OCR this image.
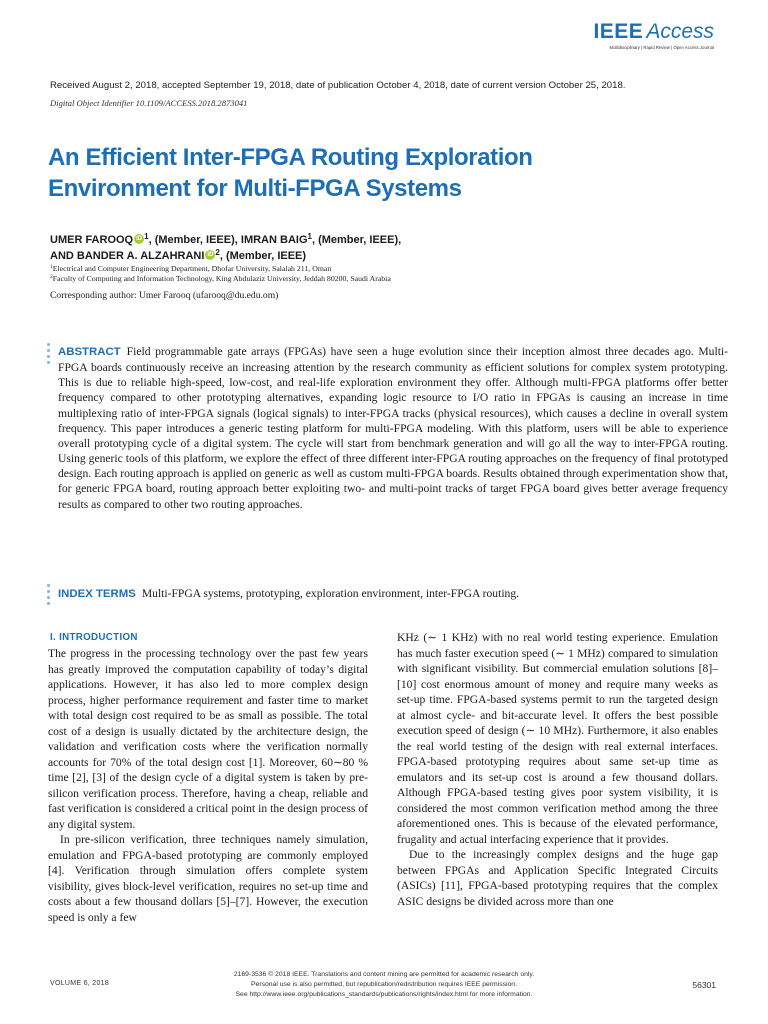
IEEE Access
Multidisciplinary | Rapid Review | Open Access Journal
Received August 2, 2018, accepted September 19, 2018, date of publication October 4, 2018, date of current version October 25, 2018.
Digital Object Identifier 10.1109/ACCESS.2018.2873041
An Efficient Inter-FPGA Routing Exploration
Environment for Multi-FPGA Systems
UMER FAROOQ iD $^1$, (Member, IEEE), IMRAN BAIG$^1$, (Member, IEEE),
AND BANDER A. ALZAHRANI iD $^2$, (Member, IEEE)
$^1$Electrical and Computer Engineering Department, Dhofar University, Salalah 211, Oman
$^2$Faculty of Computing and Information Technology, King Abdulaziz University, Jeddah 80200, Saudi Arabia
Corresponding author: Umer Farooq (ufarooq@du.edu.om)
ABSTRACT Field programmable gate arrays (FPGAs) have seen a huge evolution since their inception almost three decades ago. Multi-FPGA boards continuously receive an increasing attention by the research community as efficient solutions for complex system prototyping. This is due to reliable high-speed, low-cost, and real-life exploration environment they offer. Although multi-FPGA platforms offer better frequency compared to other prototyping alternatives, expanding logic resource to I/O ratio in FPGAs is causing an increase in time multiplexing ratio of inter-FPGA signals (logical signals) to inter-FPGA tracks (physical resources), which causes a decline in overall system frequency. This paper introduces a generic testing platform for multi-FPGA modeling. With this platform, users will be able to experience overall prototyping cycle of a digital system. The cycle will start from benchmark generation and will go all the way to inter-FPGA routing. Using generic tools of this platform, we explore the effect of three different inter-FPGA routing approaches on the frequency of final prototyped design. Each routing approach is applied on generic as well as custom multi-FPGA boards. Results obtained through experimentation show that, for generic FPGA board, routing approach better exploiting two- and multi-point tracks of target FPGA board gives better average frequency results as compared to other two routing approaches.
INDEX TERMS Multi-FPGA systems, prototyping, exploration environment, inter-FPGA routing.
I. INTRODUCTION

The progress in the processing technology over the past few years has greatly improved the computation capability of today’s digital applications. However, it has also led to more complex design process, higher performance requirement and faster time to market with total design cost required to be as small as possible. The total cost of a design is usually dictated by the architecture design, the validation and verification costs where the verification normally accounts for 70% of the total design cost [1]. Moreover, 60∼80 % time [2], [3] of the design cycle of a digital system is taken by pre-silicon verification process. Therefore, having a cheap, reliable and fast verification is considered a critical point in the design process of any digital system.

In pre-silicon verification, three techniques namely simulation, emulation and FPGA-based prototyping are commonly employed [4]. Verification through simulation offers complete system visibility, gives block-level verification, requires no set-up time and costs about a few thousand dollars [5]–[7]. However, the execution speed is only a few

KHz (∼ 1 KHz) with no real world testing experience. Emulation has much faster execution speed (∼ 1 MHz) compared to simulation with significant visibility. But commercial emulation solutions [8]–[10] cost enormous amount of money and require many weeks as set-up time. FPGA-based systems permit to run the targeted design at almost cycle- and bit-accurate level. It offers the best possible execution speed of design (∼ 10 MHz). Furthermore, it also enables the real world testing of the design with real external interfaces. FPGA-based prototyping requires about same set-up time as emulators and its set-up cost is around a few thousand dollars. Although FPGA-based testing gives poor system visibility, it is considered the most common verification method among the three aforementioned ones. This is because of the elevated performance, frugality and actual interfacing experience that it provides.

Due to the increasingly complex designs and the huge gap between FPGAs and Application Specific Integrated Circuits (ASICs) [11], FPGA-based prototyping requires that the complex ASIC designs be divided across more than one

VOLUME 6, 2018
2169-3536 © 2018 IEEE. Translations and content mining are permitted for academic research only.
Personal use is also permitted, but republication/redistribution requires IEEE permission.
See http://www.ieee.org/publications_standards/publications/rights/index.html for more information.
56301
